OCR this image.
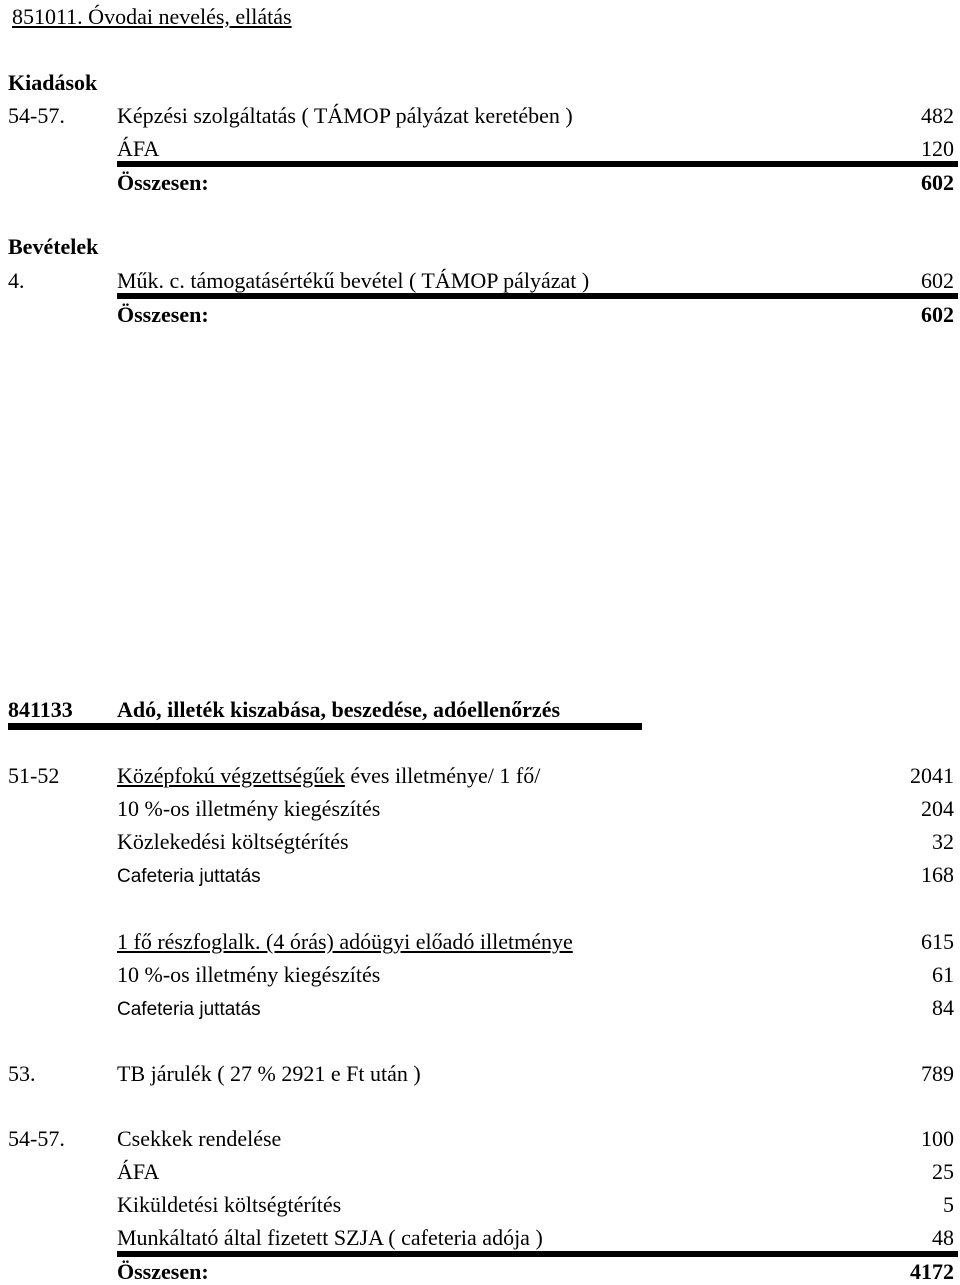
851011. Óvodai nevelés, ellátás
Kiadások
54-57. Képzési szolgáltatás ( TÁMOP pályázat keretében )	482
ÁFA	120
Összesen:	602
Bevételek
4.	Műk. c. támogatásértékű bevétel ( TÁMOP pályázat )	602
Összesen:	602
841133 Adó, illeték kiszabása, beszedése, adóellenőrzés
51-52	Középfokú végzettségűek éves illetménye/ 1 fő/	2041
10 %-os illetmény kiegészítés	204
Közlekedési költségtérítés	32
Cafeteria juttatás	168
1 fő részfoglalk. (4 órás) adóügyi előadó illetménye	615
10 %-os illetmény kiegészítés	61
Cafeteria juttatás	84
53.	TB járulék ( 27 % 2921 e Ft után )	789
54-57. Csekkek rendelése	100
ÁFA	25
Kiküldetési költségtérítés	5
Munkáltató által fizetett SZJA ( cafeteria adója )	48
Összesen:	4172
